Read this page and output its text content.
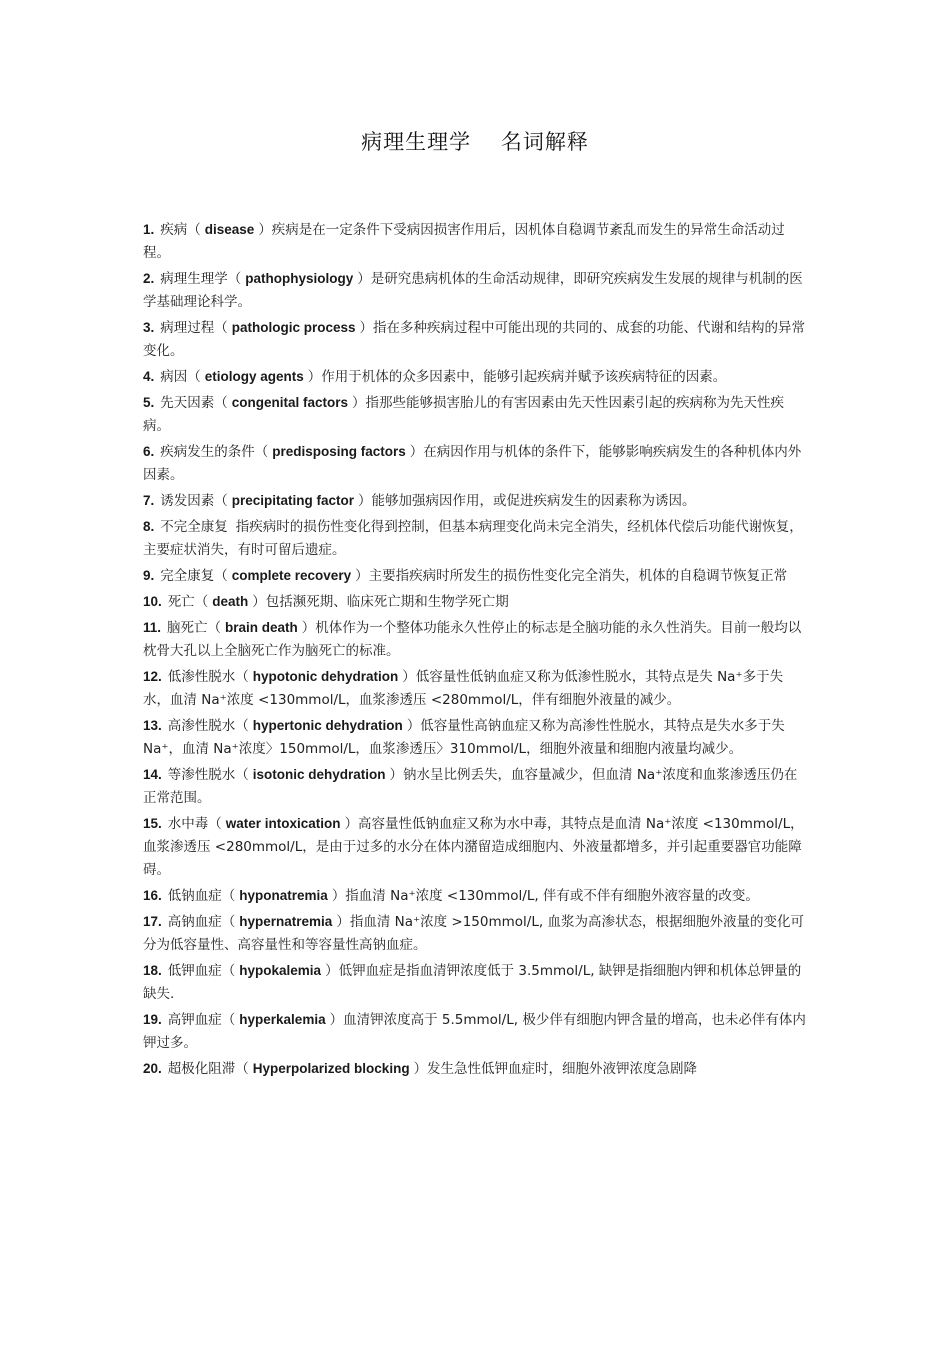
病理生理学 名词解释
1. 疾病（ disease ）疾病是在一定条件下受病因损害作用后，因机体自稳调节紊乱而发生的异常生命活动过程。
2. 病理生理学（ pathophysiology ）是研究患病机体的生命活动规律，即研究疾病发生发展的规律与机制的医学基础理论科学。
3. 病理过程（ pathologic process ）指在多种疾病过程中可能出现的共同的、成套的功能、代谢和结构的异常变化。
4. 病因（ etiology agents ）作用于机体的众多因素中，能够引起疾病并赋予该疾病特征的因素。
5. 先天因素（ congenital factors ）指那些能够损害胎儿的有害因素由先天性因素引起的疾病称为先天性疾病。
6. 疾病发生的条件（ predisposing factors ）在病因作用与机体的条件下，能够影响疾病发生的各种机体内外因素。
7. 诱发因素（ precipitating factor ）能够加强病因作用，或促进疾病发生的因素称为诱因。
8. 不完全康复 指疾病时的损伤性变化得到控制，但基本病理变化尚未完全消失，经机体代偿后功能代谢恢复，主要症状消失，有时可留后遗症。
9. 完全康复（ complete recovery ）主要指疾病时所发生的损伤性变化完全消失，机体的自稳调节恢复正常
10. 死亡（ death ）包括濒死期、临床死亡期和生物学死亡期
11. 脑死亡（ brain death ）机体作为一个整体功能永久性停止的标志是全脑功能的永久性消失。目前一般均以枕骨大孔以上全脑死亡作为脑死亡的标准。
12. 低渗性脱水（ hypotonic dehydration ）低容量性低钠血症又称为低渗性脱水，其特点是失 Na⁺多于失水，血清 Na⁺浓度 <130mmol/L，血浆渗透压 <280mmol/L，伴有细胞外液量的减少。
13. 高渗性脱水（ hypertonic dehydration ）低容量性高钠血症又称为高渗性性脱水，其特点是失水多于失 Na⁺，血清 Na⁺浓度〉150mmol/L，血浆渗透压〉310mmol/L，细胞外液量和细胞内液量均减少。
14. 等渗性脱水（ isotonic dehydration ）钠水呈比例丢失，血容量减少，但血清 Na⁺浓度和血浆渗透压仍在正常范围。
15. 水中毒（ water intoxication ）高容量性低钠血症又称为水中毒，其特点是血清 Na⁺浓度 <130mmol/L，血浆渗透压 <280mmol/L，是由于过多的水分在体内潴留造成细胞内、外液量都增多，并引起重要器官功能障碍。
16. 低钠血症（ hyponatremia ）指血清 Na⁺浓度 <130mmol/L, 伴有或不伴有细胞外液容量的改变。
17. 高钠血症（ hypernatremia ）指血清 Na⁺浓度 >150mmol/L, 血浆为高渗状态，根据细胞外液量的变化可分为低容量性、高容量性和等容量性高钠血症。
18. 低钾血症（ hypokalemia ）低钾血症是指血清钾浓度低于 3.5mmol/L, 缺钾是指细胞内钾和机体总钾量的缺失.
19. 高钾血症（ hyperkalemia ）血清钾浓度高于 5.5mmol/L, 极少伴有细胞内钾含量的增高，也未必伴有体内钾过多。
20. 超极化阻滞（ Hyperpolarized blocking ）发生急性低钾血症时，细胞外液钾浓度急剧降
